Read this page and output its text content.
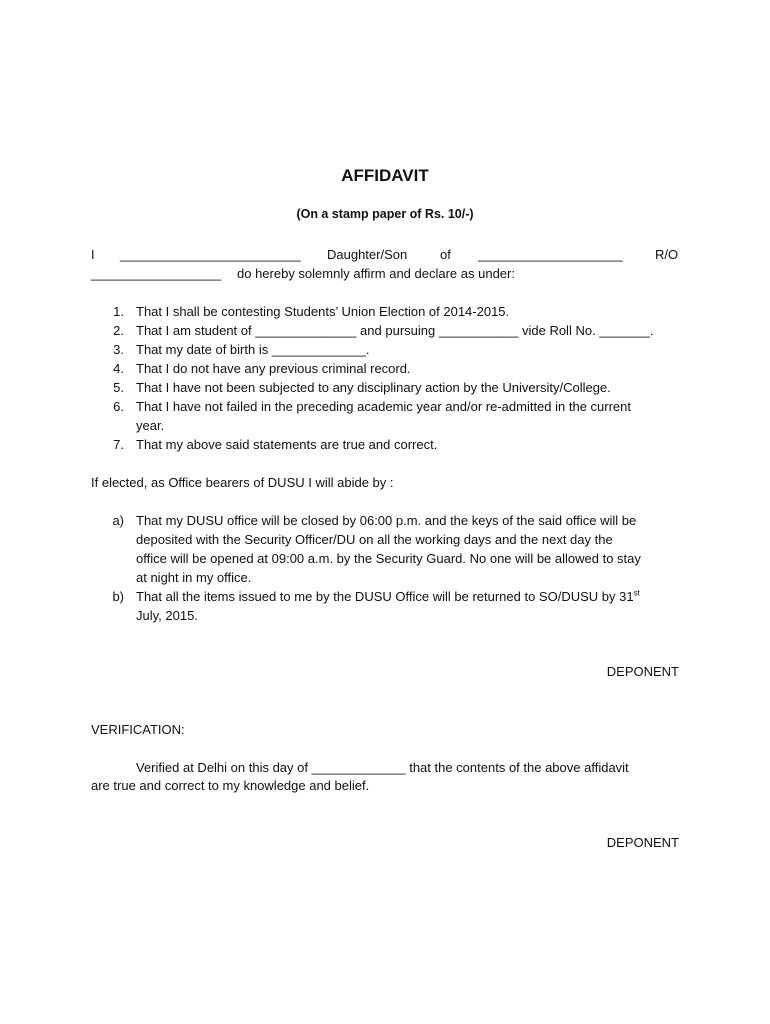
AFFIDAVIT
(On a stamp paper of Rs. 10/-)
I _________________________ Daughter/Son	of ____________________ R/O
__________________ do hereby solemnly affirm and declare as under:
1. That I shall be contesting Students’ Union Election of 2014-2015.
2. That I am student of ______________ and pursuing ___________ vide Roll No. _______.
3. That my date of birth is _____________.
4. That I do not have any previous criminal record.
5. That I have not been subjected to any disciplinary action by the University/College.
6. That I have not failed in the preceding academic year and/or re-admitted in the current
year.
7. That my above said statements are true and correct.
If elected, as Office bearers of DUSU I will abide by :
a) That my DUSU office will be closed by 06:00 p.m. and the keys of the said office will be
deposited with the Security Officer/DU on all the working days and the next day the
office will be opened at 09:00 a.m. by the Security Guard. No one will be allowed to stay
at night in my office.
b) That all the items issued to me by the DUSU Office will be returned to SO/DUSU by 31st
July, 2015.
DEPONENT
VERIFICATION:
Verified at Delhi on this day of _____________ that the contents of the above affidavit
are true and correct to my knowledge and belief.
DEPONENT
